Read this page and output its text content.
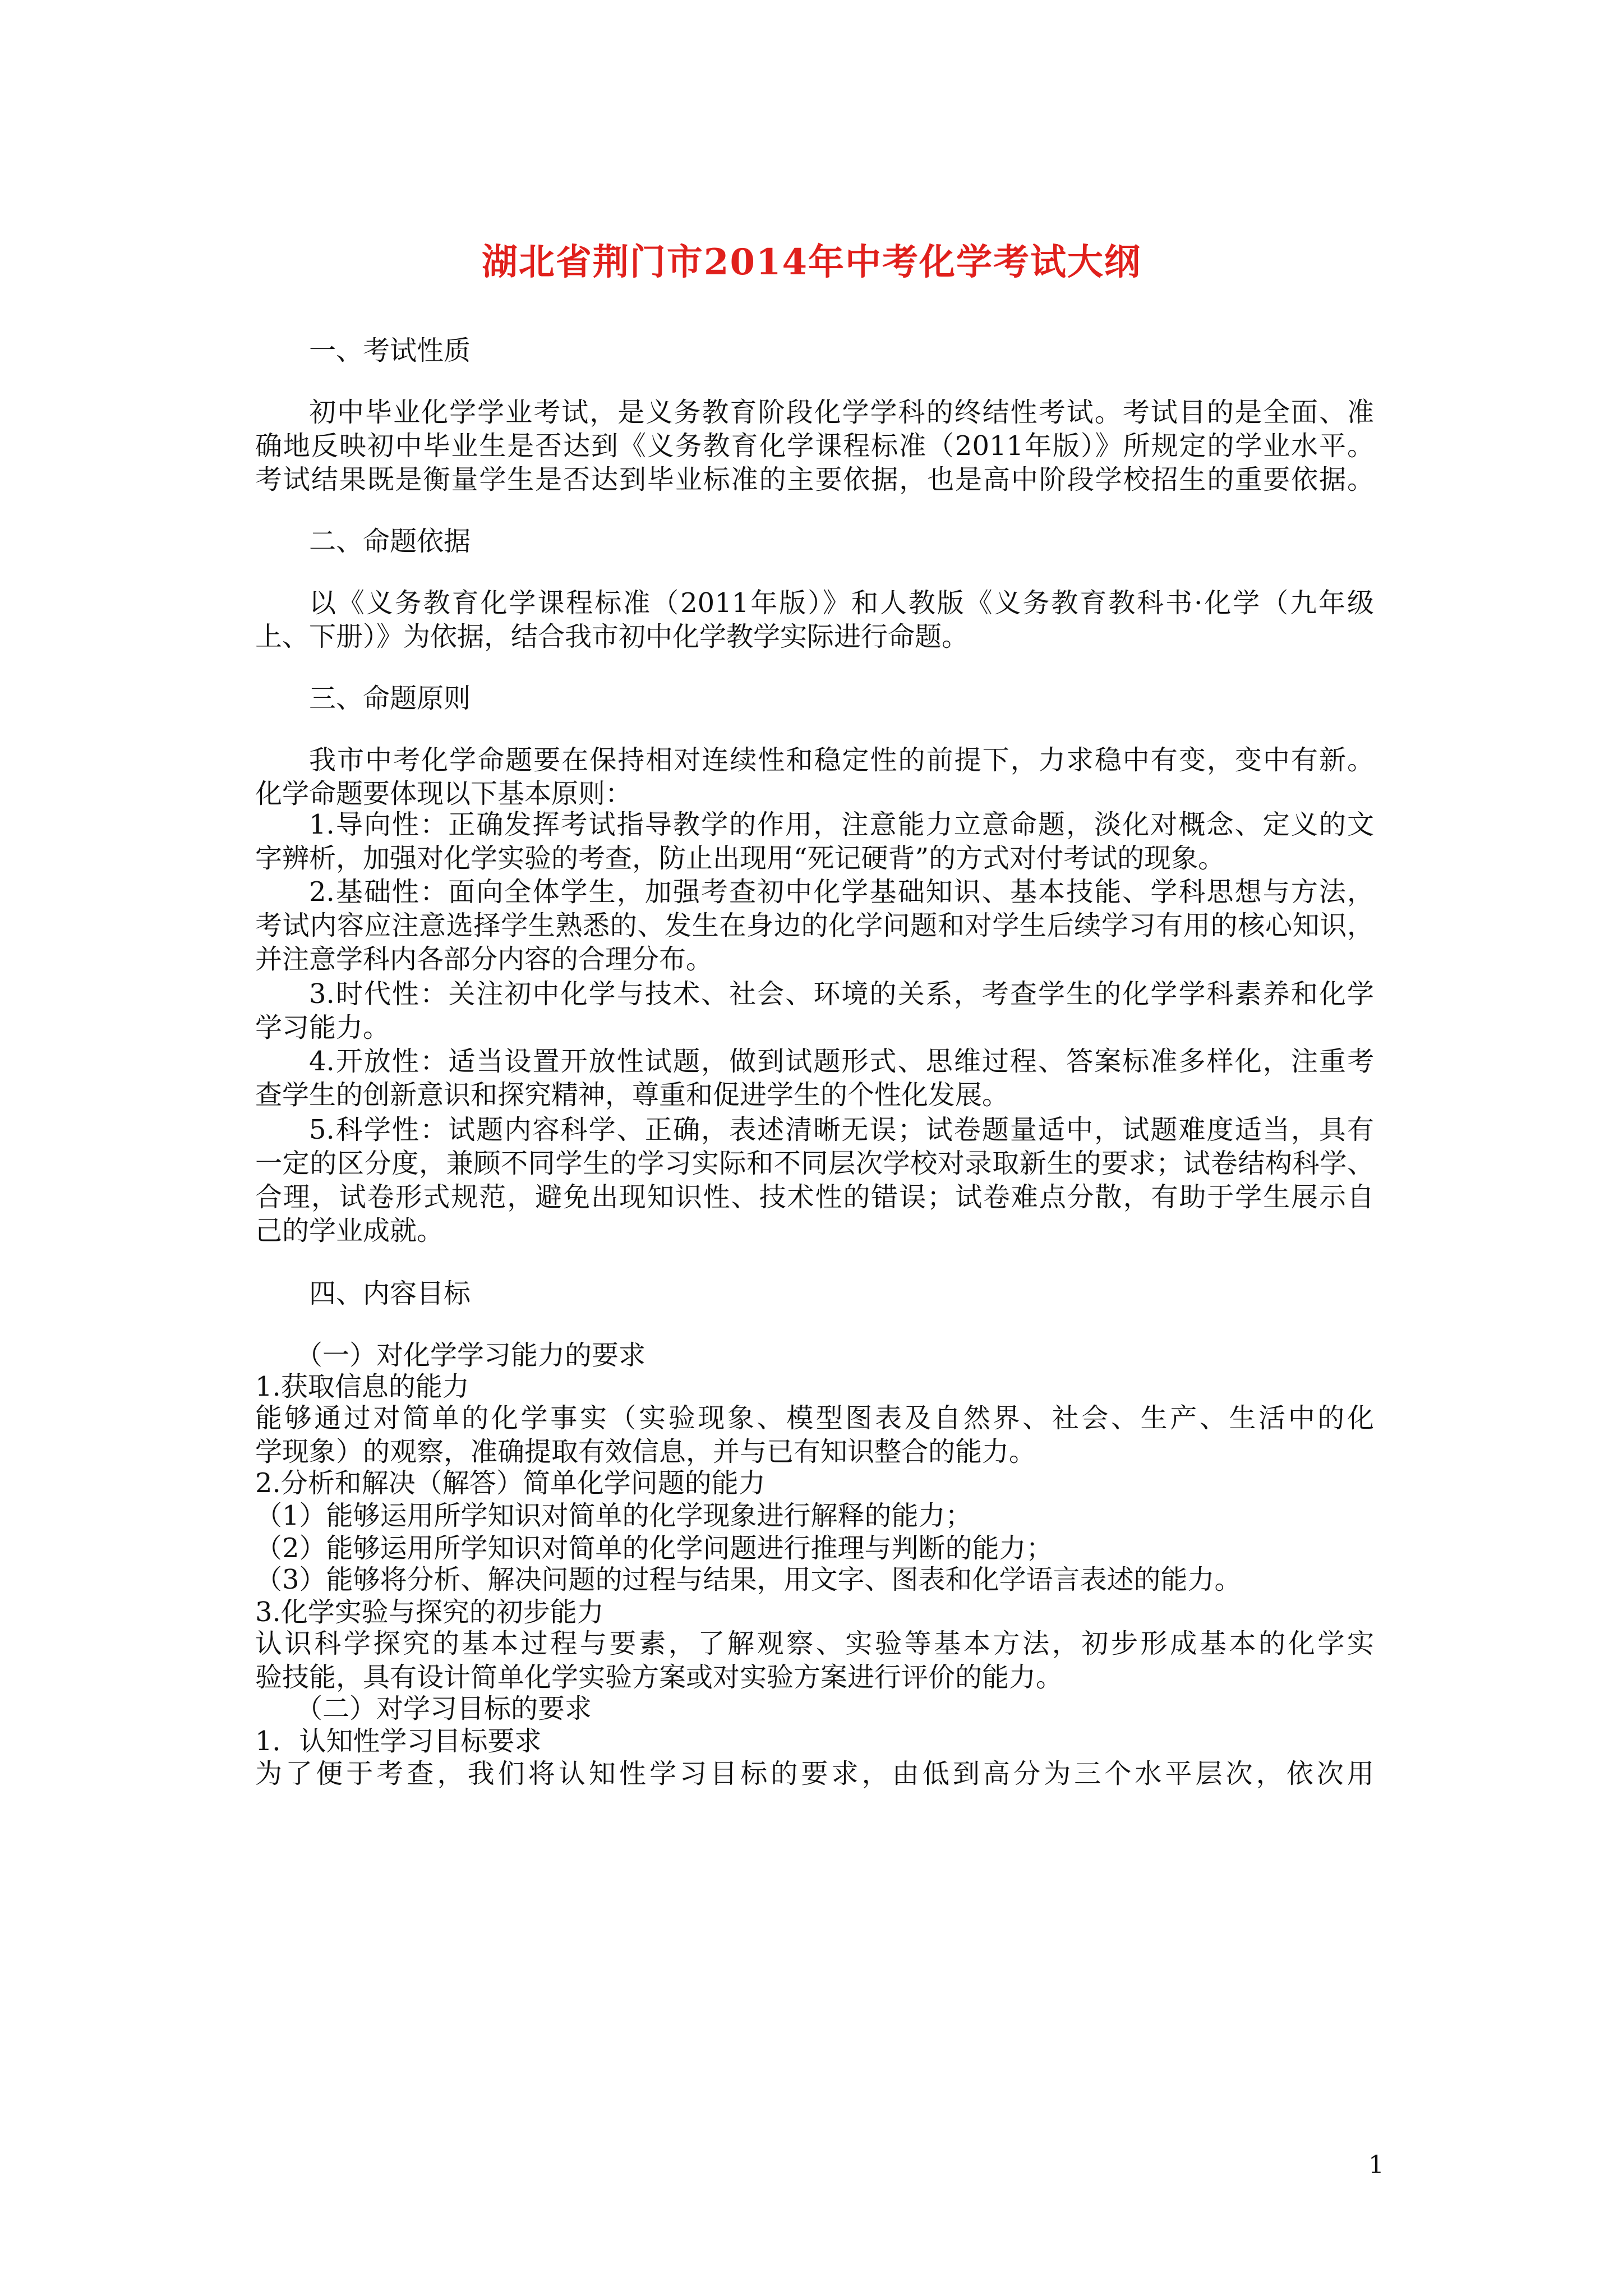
湖北省荆门市2014年中考化学考试大纲
一、考试性质
初中毕业化学学业考试，是义务教育阶段化学学科的终结性考试。考试目的是全面、准
确地反映初中毕业生是否达到《义务教育化学课程标准（2011年版）》所规定的学业水平。
考试结果既是衡量学生是否达到毕业标准的主要依据，也是高中阶段学校招生的重要依据。
二、命题依据
以《义务教育化学课程标准（2011年版）》和人教版《义务教育教科书·化学（九年级
上、下册）》为依据，结合我市初中化学教学实际进行命题。
三、命题原则
我市中考化学命题要在保持相对连续性和稳定性的前提下，力求稳中有变，变中有新。
化学命题要体现以下基本原则：
1.导向性：正确发挥考试指导教学的作用，注意能力立意命题，淡化对概念、定义的文
字辨析，加强对化学实验的考查，防止出现用“死记硬背”的方式对付考试的现象。
2.基础性：面向全体学生，加强考查初中化学基础知识、基本技能、学科思想与方法，
考试内容应注意选择学生熟悉的、发生在身边的化学问题和对学生后续学习有用的核心知识，
并注意学科内各部分内容的合理分布。
3.时代性：关注初中化学与技术、社会、环境的关系，考查学生的化学学科素养和化学
学习能力。
4.开放性：适当设置开放性试题，做到试题形式、思维过程、答案标准多样化，注重考
查学生的创新意识和探究精神，尊重和促进学生的个性化发展。
5.科学性：试题内容科学、正确，表述清晰无误；试卷题量适中，试题难度适当，具有
一定的区分度，兼顾不同学生的学习实际和不同层次学校对录取新生的要求；试卷结构科学、
合理，试卷形式规范，避免出现知识性、技术性的错误；试卷难点分散，有助于学生展示自
己的学业成就。
四、内容目标
（一）对化学学习能力的要求
1.获取信息的能力
能够通过对简单的化学事实（实验现象、模型图表及自然界、社会、生产、生活中的化
学现象）的观察，准确提取有效信息，并与已有知识整合的能力。
2.分析和解决（解答）简单化学问题的能力
（1）能够运用所学知识对简单的化学现象进行解释的能力；
（2）能够运用所学知识对简单的化学问题进行推理与判断的能力；
（3）能够将分析、解决问题的过程与结果，用文字、图表和化学语言表述的能力。
3.化学实验与探究的初步能力
认识科学探究的基本过程与要素，了解观察、实验等基本方法，初步形成基本的化学实
验技能，具有设计简单化学实验方案或对实验方案进行评价的能力。
（二）对学习目标的要求
1．认知性学习目标要求
为了便于考查，我们将认知性学习目标的要求，由低到高分为三个水平层次，依次用
1
